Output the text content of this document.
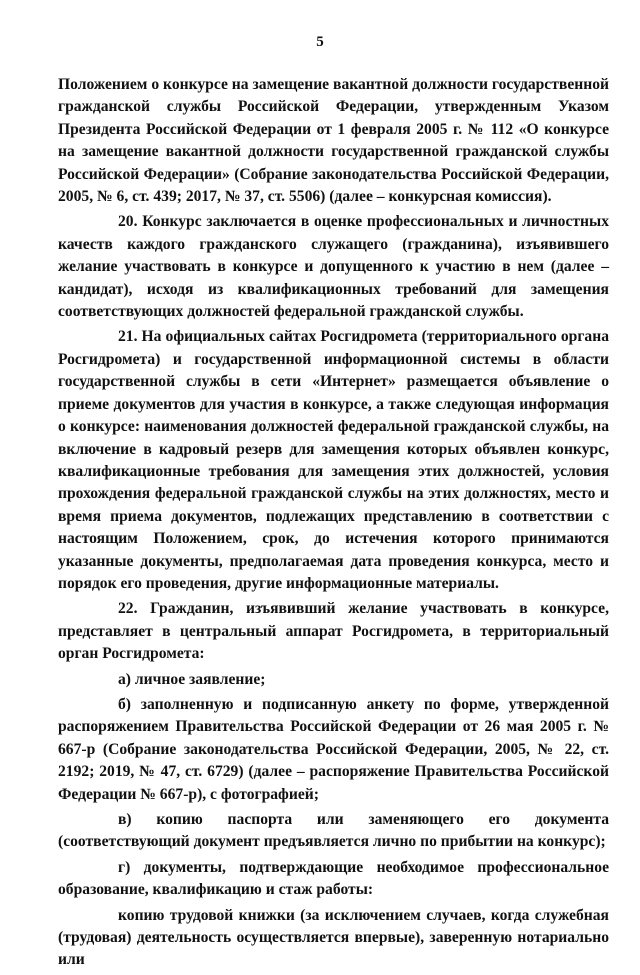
5

Положением о конкурсе на замещение вакантной должности государственной гражданской службы Российской Федерации, утвержденным Указом Президента Российской Федерации от 1 февраля 2005 г. № 112 «О конкурсе на замещение вакантной должности государственной гражданской службы Российской Федерации» (Собрание законодательства Российской Федерации, 2005, № 6, ст. 439; 2017, № 37, ст. 5506) (далее – конкурсная комиссия).

20. Конкурс заключается в оценке профессиональных и личностных качеств каждого гражданского служащего (гражданина), изъявившего желание участвовать в конкурсе и допущенного к участию в нем (далее – кандидат), исходя из квалификационных требований для замещения соответствующих должностей федеральной гражданской службы.

21. На официальных сайтах Росгидромета (территориального органа Росгидромета) и государственной информационной системы в области государственной службы в сети «Интернет» размещается объявление о приеме документов для участия в конкурсе, а также следующая информация о конкурсе: наименования должностей федеральной гражданской службы, на включение в кадровый резерв для замещения которых объявлен конкурс, квалификационные требования для замещения этих должностей, условия прохождения федеральной гражданской службы на этих должностях, место и время приема документов, подлежащих представлению в соответствии с настоящим Положением, срок, до истечения которого принимаются указанные документы, предполагаемая дата проведения конкурса, место и порядок его проведения, другие информационные материалы.

22. Гражданин, изъявивший желание участвовать в конкурсе, представляет в центральный аппарат Росгидромета, в территориальный орган Росгидромета:

а) личное заявление;

б) заполненную и подписанную анкету по форме, утвержденной распоряжением Правительства Российской Федерации от 26 мая 2005 г. № 667-р (Собрание законодательства Российской Федерации, 2005, № 22, ст. 2192; 2019, № 47, ст. 6729) (далее – распоряжение Правительства Российской Федерации № 667-р), с фотографией;

в) копию паспорта или заменяющего его документа (соответствующий документ предъявляется лично по прибытии на конкурс);

г) документы, подтверждающие необходимое профессиональное образование, квалификацию и стаж работы:

копию трудовой книжки (за исключением случаев, когда служебная (трудовая) деятельность осуществляется впервые), заверенную нотариально или
